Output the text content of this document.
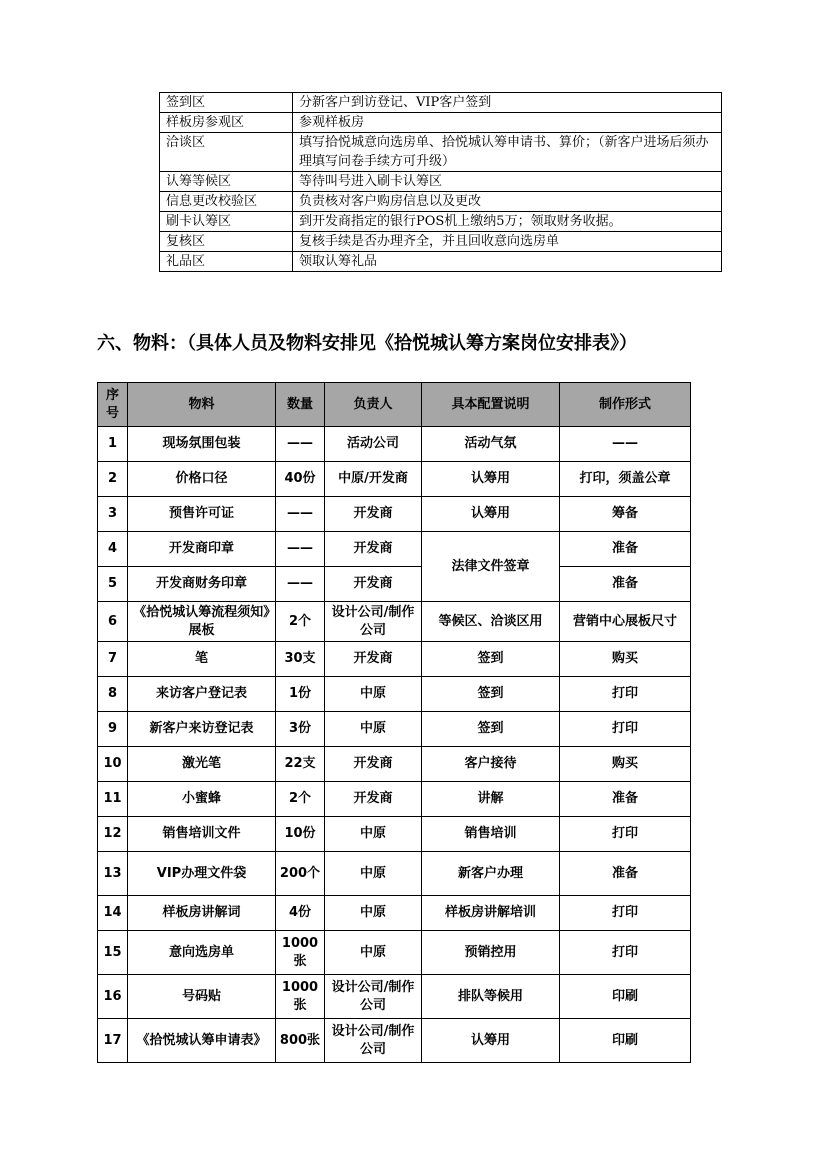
签到区	分新客户到访登记、VIP客户签到
样板房参观区	参观样板房
洽谈区	填写拾悦城意向选房单、拾悦城认筹申请书、算价；（新客户进场后须办理填写问卷手续方可升级）
认筹等候区	等待叫号进入刷卡认筹区
信息更改校验区	负责核对客户购房信息以及更改
刷卡认筹区	到开发商指定的银行POS机上缴纳5万；领取财务收据。
复核区	复核手续是否办理齐全，并且回收意向选房单
礼品区	领取认筹礼品
六、物料：（具体人员及物料安排见《拾悦城认筹方案岗位安排表》）
序号	物料	数量	负责人	具本配置说明	制作形式
1	现场氛围包装	——	活动公司	活动气氛	——
2	价格口径	40份	中原/开发商	认筹用	打印，须盖公章
3	预售许可证	——	开发商	认筹用	筹备
4	开发商印章	——	开发商	法律文件签章	准备
5	开发商财务印章	——	开发商		准备
6	《拾悦城认筹流程须知》展板	2个	设计公司/制作公司	等候区、洽谈区用	营销中心展板尺寸
7	笔	30支	开发商	签到	购买
8	来访客户登记表	1份	中原	签到	打印
9	新客户来访登记表	3份	中原	签到	打印
10	激光笔	22支	开发商	客户接待	购买
11	小蜜蜂	2个	开发商	讲解	准备
12	销售培训文件	10份	中原	销售培训	打印
13	VIP办理文件袋	200个	中原	新客户办理	准备
14	样板房讲解词	4份	中原	样板房讲解培训	打印
15	意向选房单	1000张	中原	预销控用	打印
16	号码贴	1000张	设计公司/制作公司	排队等候用	印刷
17	《拾悦城认筹申请表》	800张	设计公司/制作公司	认筹用	印刷
